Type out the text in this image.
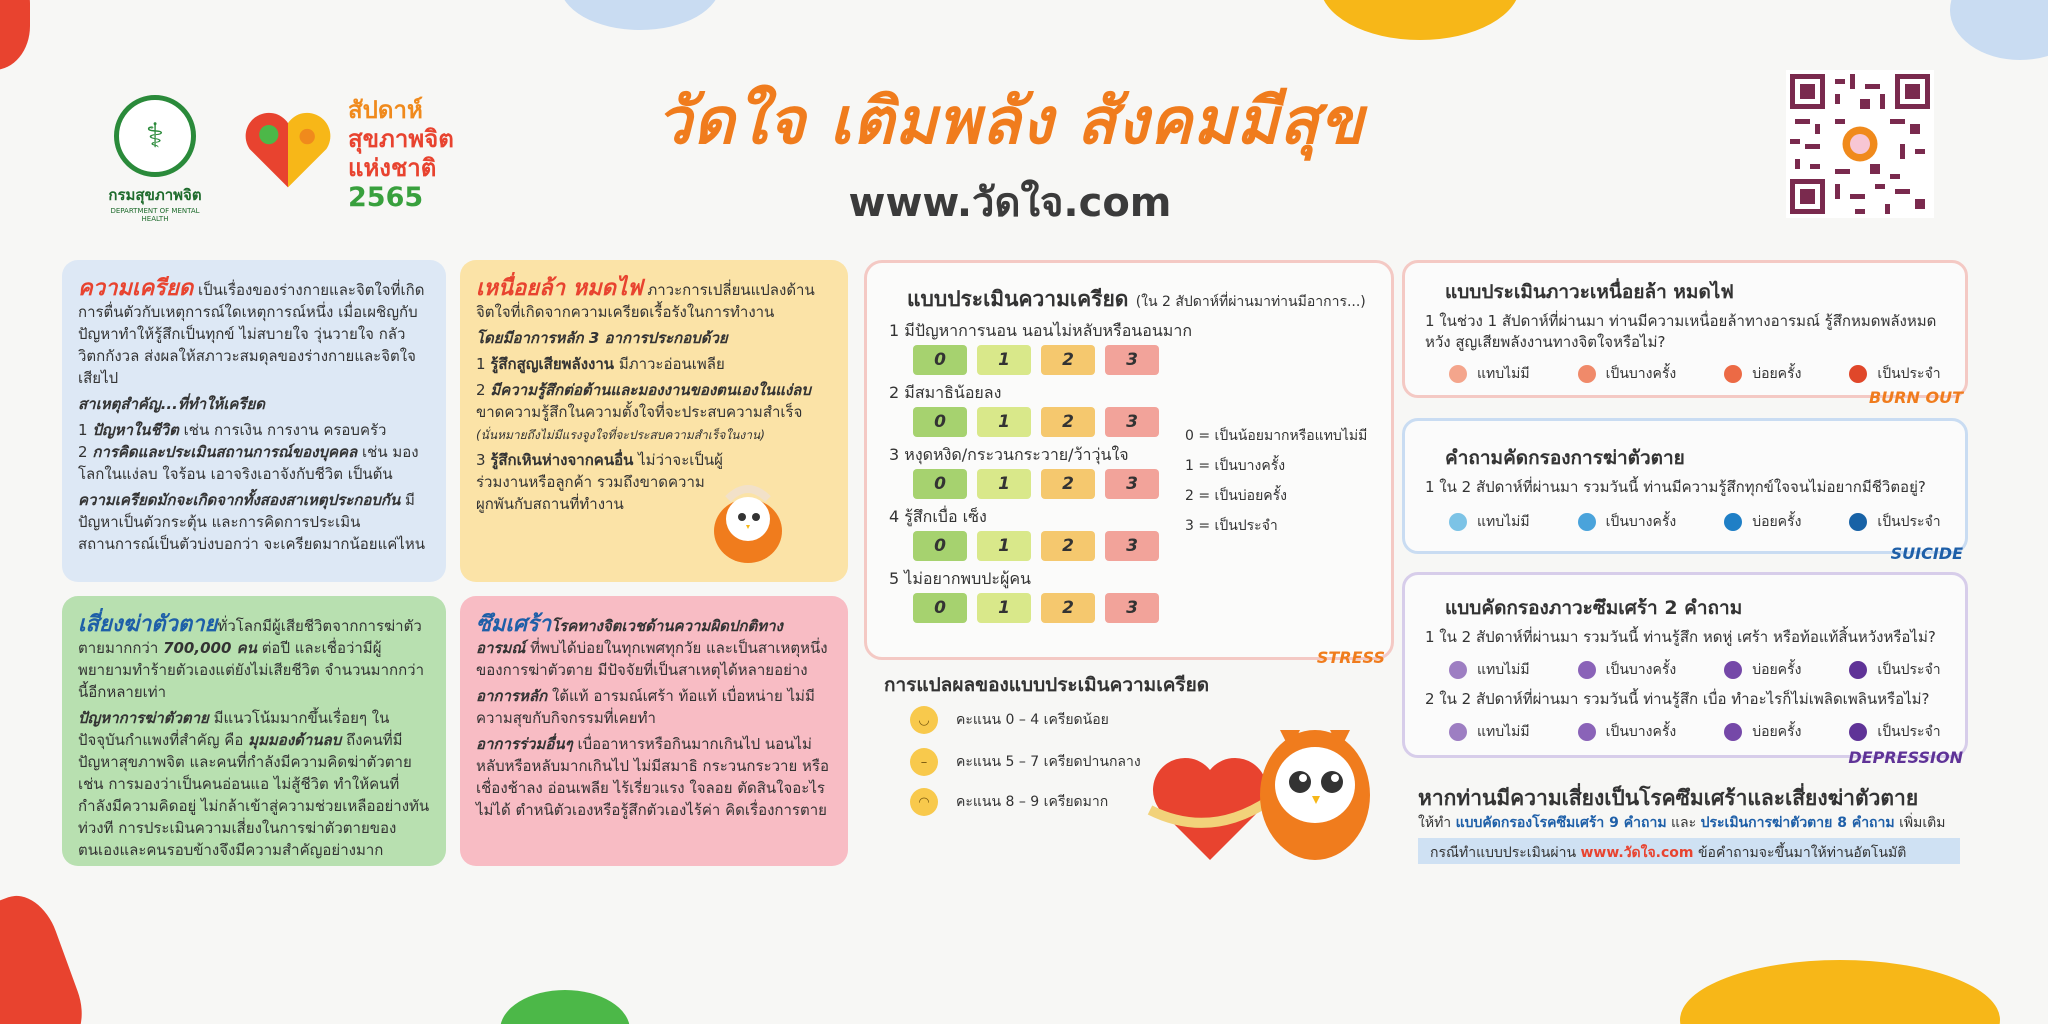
⚕
กรมสุขภาพจิต
DEPARTMENT OF MENTAL HEALTH
สัปดาห์
สุขภาพจิต
แห่งชาติ
2565
วัดใจ เติมพลัง สังคมมีสุข
www.วัดใจ.com

ความเครียด เป็นเรื่องของร่างกายและจิตใจที่เกิดการตื่นตัวกับเหตุการณ์ใดเหตุการณ์หนึ่ง เมื่อเผชิญกับปัญหาทำให้รู้สึกเป็นทุกข์ ไม่สบายใจ วุ่นวายใจ กลัว วิตกกังวล ส่งผลให้สภาวะสมดุลของร่างกายและจิตใจเสียไป

สาเหตุสำคัญ...ที่ทำให้เครียด

1 ปัญหาในชีวิต เช่น การเงิน การงาน ครอบครัว
2 การคิดและประเมินสถานการณ์ของบุคคล เช่น มองโลกในแง่ลบ ใจร้อน เอาจริงเอาจังกับชีวิต เป็นต้น

ความเครียดมักจะเกิดจากทั้งสองสาเหตุประกอบกัน มีปัญหาเป็นตัวกระตุ้น และการคิดการประเมินสถานการณ์เป็นตัวบ่งบอกว่า จะเครียดมากน้อยแค่ไหน

เหนื่อยล้า หมดไฟ ภาวะการเปลี่ยนแปลงด้านจิตใจที่เกิดจากความเครียดเรื้อรังในการทำงาน

โดยมีอาการหลัก 3 อาการประกอบด้วย

1 รู้สึกสูญเสียพลังงาน มีภาวะอ่อนเพลีย

2 มีความรู้สึกต่อต้านและมองงานของตนเองในแง่ลบ ขาดความรู้สึกในความตั้งใจที่จะประสบความสำเร็จ
(นั่นหมายถึงไม่มีแรงจูงใจที่จะประสบความสำเร็จในงาน)

3 รู้สึกเหินห่างจากคนอื่น ไม่ว่าจะเป็นผู้ร่วมงานหรือลูกค้า รวมถึงขาดความผูกพันกับสถานที่ทำงาน

เสี่ยงฆ่าตัวตายทั่วโลกมีผู้เสียชีวิตจากการฆ่าตัวตายมากกว่า 700,000 คน ต่อปี และเชื่อว่ามีผู้พยายามทำร้ายตัวเองแต่ยังไม่เสียชีวิต จำนวนมากกว่านี้อีกหลายเท่า

ปัญหาการฆ่าตัวตาย มีแนวโน้มมากขึ้นเรื่อยๆ ในปัจจุบันกำแพงที่สำคัญ คือ มุมมองด้านลบ ถึงคนที่มีปัญหาสุขภาพจิต และคนที่กำลังมีความคิดฆ่าตัวตาย เช่น การมองว่าเป็นคนอ่อนแอ ไม่สู้ชีวิต ทำให้คนที่กำลังมีความคิดอยู่ ไม่กล้าเข้าสู่ความช่วยเหลืออย่างทันท่วงที การประเมินความเสี่ยงในการฆ่าตัวตายของตนเองและคนรอบข้างจึงมีความสำคัญอย่างมาก

ซึมเศร้าโรคทางจิตเวชด้านความผิดปกติทางอารมณ์ ที่พบได้บ่อยในทุกเพศทุกวัย และเป็นสาเหตุหนึ่งของการฆ่าตัวตาย มีปัจจัยที่เป็นสาเหตุได้หลายอย่าง

อาการหลัก ใต้แท้ อารมณ์เศร้า ท้อแท้ เบื่อหน่าย ไม่มีความสุขกับกิจกรรมที่เคยทำ

อาการร่วมอื่นๆ เบื่ออาหารหรือกินมากเกินไป นอนไม่หลับหรือหลับมากเกินไป ไม่มีสมาธิ กระวนกระวาย หรือเชื่องช้าลง อ่อนเพลีย ไร้เรี่ยวแรง ใจลอย ตัดสินใจอะไรไม่ได้ ตำหนิตัวเองหรือรู้สึกตัวเองไร้ค่า คิดเรื่องการตาย

แบบประเมินความเครียด (ใน 2 สัปดาห์ที่ผ่านมาท่านมีอาการ...)
1 มีปัญหาการนอน นอนไม่หลับหรือนอนมาก
0	1	2	3
2 มีสมาธิน้อยลง
0	1	2	3
3 หงุดหงิด/กระวนกระวาย/ว้าวุ่นใจ
0	1	2	3
4 รู้สึกเบื่อ เซ็ง
0	1	2	3
5 ไม่อยากพบปะผู้คน
0	1	2	3
0 = เป็นน้อยมากหรือแทบไม่มี
1 = เป็นบางครั้ง
2 = เป็นบ่อยครั้ง
3 = เป็นประจำ
STRESS
การแปลผลของแบบประเมินความเครียด
◡	คะแนน 0 – 4 เครียดน้อย
–	คะแนน 5 – 7 เครียดปานกลาง
◠	คะแนน 8 – 9 เครียดมาก
แบบประเมินภาวะเหนื่อยล้า หมดไฟ
1 ในช่วง 1 สัปดาห์ที่ผ่านมา ท่านมีความเหนื่อยล้าทางอารมณ์ รู้สึกหมดพลังหมดหวัง สูญเสียพลังงานทางจิตใจหรือไม่?
แทบไม่มี	เป็นบางครั้ง	บ่อยครั้ง	เป็นประจำ
BURN OUT
คำถามคัดกรองการฆ่าตัวตาย
1 ใน 2 สัปดาห์ที่ผ่านมา รวมวันนี้ ท่านมีความรู้สึกทุกข์ใจจนไม่อยากมีชีวิตอยู่?
แทบไม่มี	เป็นบางครั้ง	บ่อยครั้ง	เป็นประจำ
SUICIDE
แบบคัดกรองภาวะซึมเศร้า 2 คำถาม
1 ใน 2 สัปดาห์ที่ผ่านมา รวมวันนี้ ท่านรู้สึก หดหู่ เศร้า หรือท้อแท้สิ้นหวังหรือไม่?
แทบไม่มี	เป็นบางครั้ง	บ่อยครั้ง	เป็นประจำ
2 ใน 2 สัปดาห์ที่ผ่านมา รวมวันนี้ ท่านรู้สึก เบื่อ ทำอะไรก็ไม่เพลิดเพลินหรือไม่?
แทบไม่มี	เป็นบางครั้ง	บ่อยครั้ง	เป็นประจำ
DEPRESSION
หากท่านมีความเสี่ยงเป็นโรคซึมเศร้าและเสี่ยงฆ่าตัวตาย
ให้ทำ แบบคัดกรองโรคซึมเศร้า 9 คำถาม และ ประเมินการฆ่าตัวตาย 8 คำถาม เพิ่มเติม
กรณีทำแบบประเมินผ่าน www.วัดใจ.com ข้อคำถามจะขึ้นมาให้ท่านอัตโนมัติ
